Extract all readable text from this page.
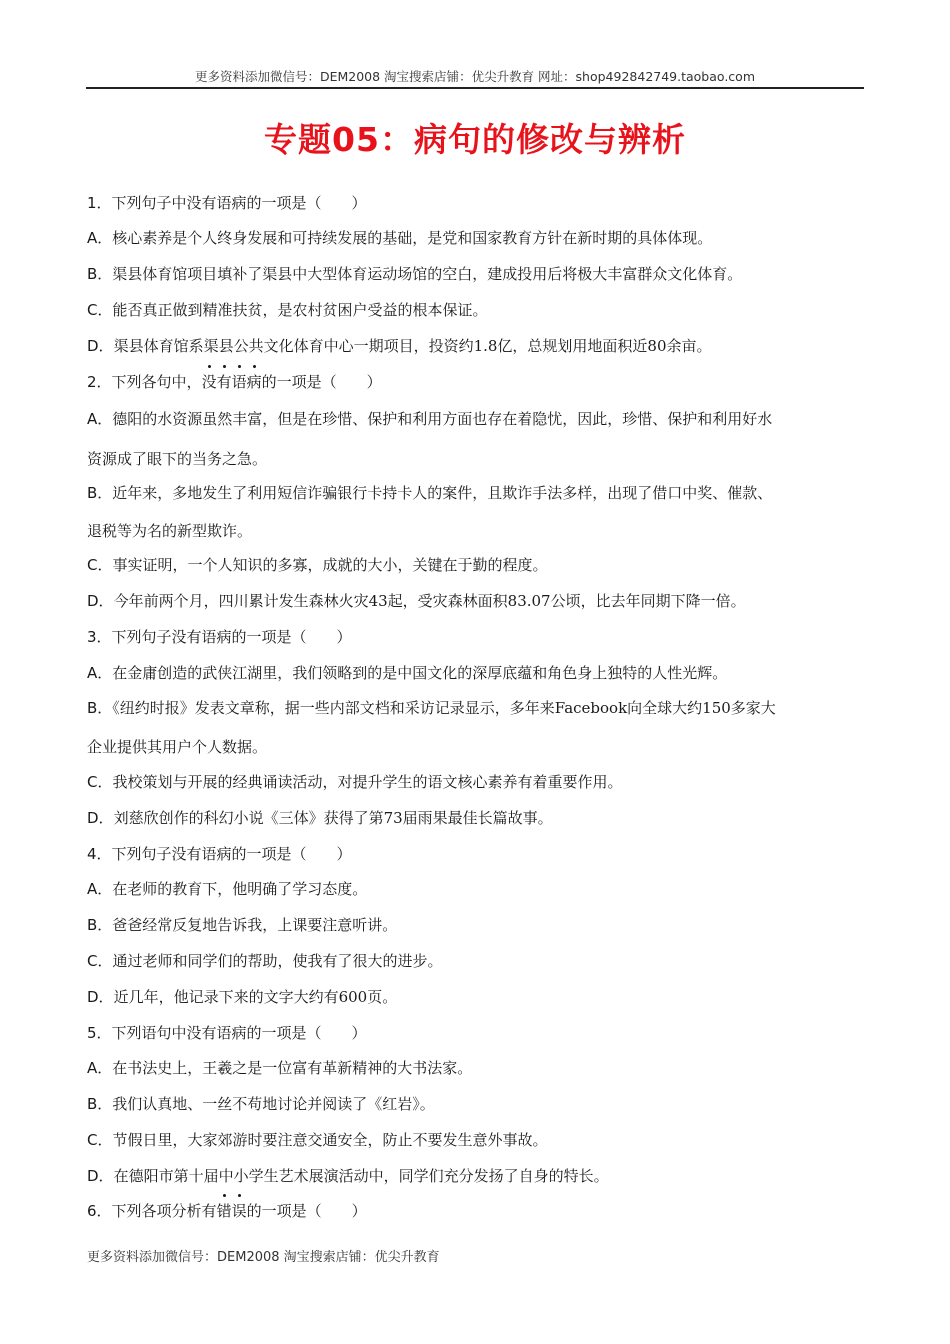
更多资料添加微信号：DEM2008 淘宝搜索店铺：优尖升教育 网址：shop492842749.taobao.com
专题05：病句的修改与辨析
1．下列句子中没有语病的一项是（　　）
A．核心素养是个人终身发展和可持续发展的基础，是党和国家教育方针在新时期的具体体现。
B．渠县体育馆项目填补了渠县中大型体育运动场馆的空白，建成投用后将极大丰富群众文化体育。
C．能否真正做到精准扶贫，是农村贫困户受益的根本保证。
D．渠县体育馆系渠县公共文化体育中心一期项目，投资约1.8亿，总规划用地面积近80余亩。
2．下列各句中，没有语病的一项是（　　）
A．德阳的水资源虽然丰富，但是在珍惜、保护和利用方面也存在着隐忧，因此，珍惜、保护和利用好水
资源成了眼下的当务之急。
B．近年来，多地发生了利用短信诈骗银行卡持卡人的案件，且欺诈手法多样，出现了借口中奖、催款、
退税等为名的新型欺诈。
C．事实证明，一个人知识的多寡，成就的大小，关键在于勤的程度。
D．今年前两个月，四川累计发生森林火灾43起，受灾森林面积83.07公顷，比去年同期下降一倍。
3．下列句子没有语病的一项是（　　）
A．在金庸创造的武侠江湖里，我们领略到的是中国文化的深厚底蕴和角色身上独特的人性光辉。
B．《纽约时报》发表文章称，据一些内部文档和采访记录显示，多年来Facebook向全球大约150多家大
企业提供其用户个人数据。
C．我校策划与开展的经典诵读活动，对提升学生的语文核心素养有着重要作用。
D．刘慈欣创作的科幻小说《三体》获得了第73届雨果最佳长篇故事。
4．下列句子没有语病的一项是（　　）
A．在老师的教育下，他明确了学习态度。
B．爸爸经常反复地告诉我，上课要注意听讲。
C．通过老师和同学们的帮助，使我有了很大的进步。
D．近几年，他记录下来的文字大约有600页。
5．下列语句中没有语病的一项是（　　）
A．在书法史上，王羲之是一位富有革新精神的大书法家。
B．我们认真地、一丝不苟地讨论并阅读了《红岩》。
C．节假日里，大家郊游时要注意交通安全，防止不要发生意外事故。
D．在德阳市第十届中小学生艺术展演活动中，同学们充分发扬了自身的特长。
6．下列各项分析有错误的一项是（　　）
更多资料添加微信号：DEM2008 淘宝搜索店铺：优尖升教育
